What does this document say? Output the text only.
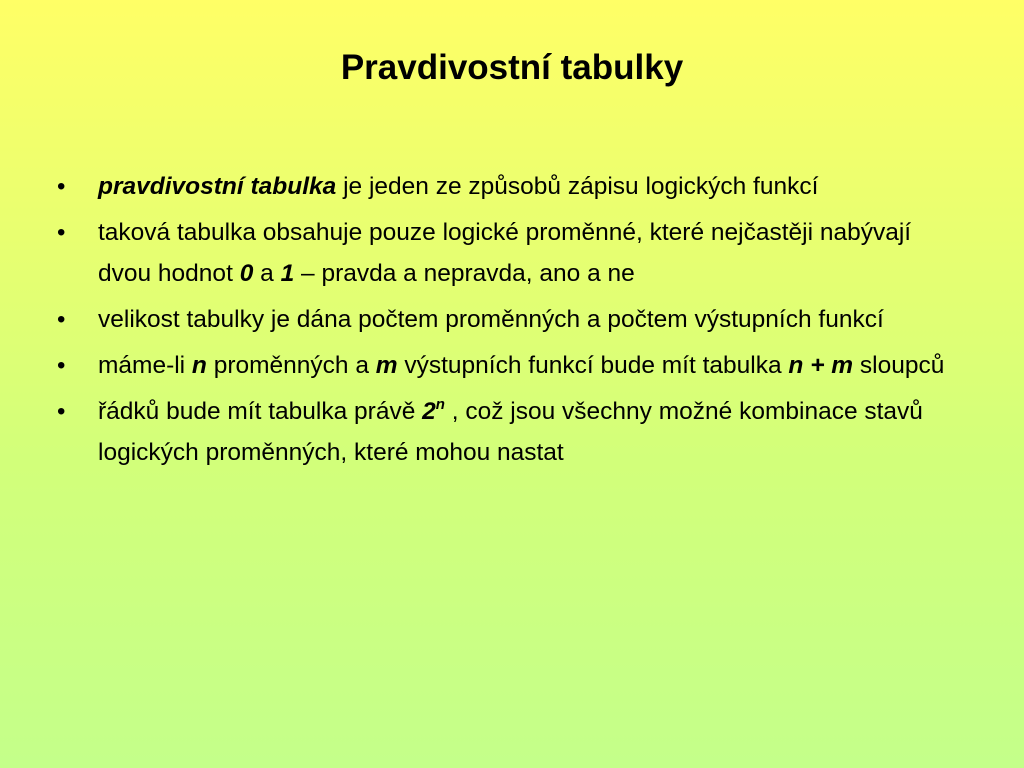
Pravdivostní tabulky
•	pravdivostní tabulka je jeden ze způsobů zápisu logických funkcí
•	taková tabulka obsahuje pouze logické proměnné, které nejčastěji nabývají dvou hodnot 0 a 1 – pravda a nepravda, ano a ne
•	velikost tabulky je dána počtem proměnných a počtem výstupních funkcí
•	máme-li n proměnných a m výstupních funkcí bude mít tabulka n + m sloupců
•	řádků bude mít tabulka právě 2$^n$ , což jsou všechny možné kombinace stavů logických proměnných, které mohou nastat
